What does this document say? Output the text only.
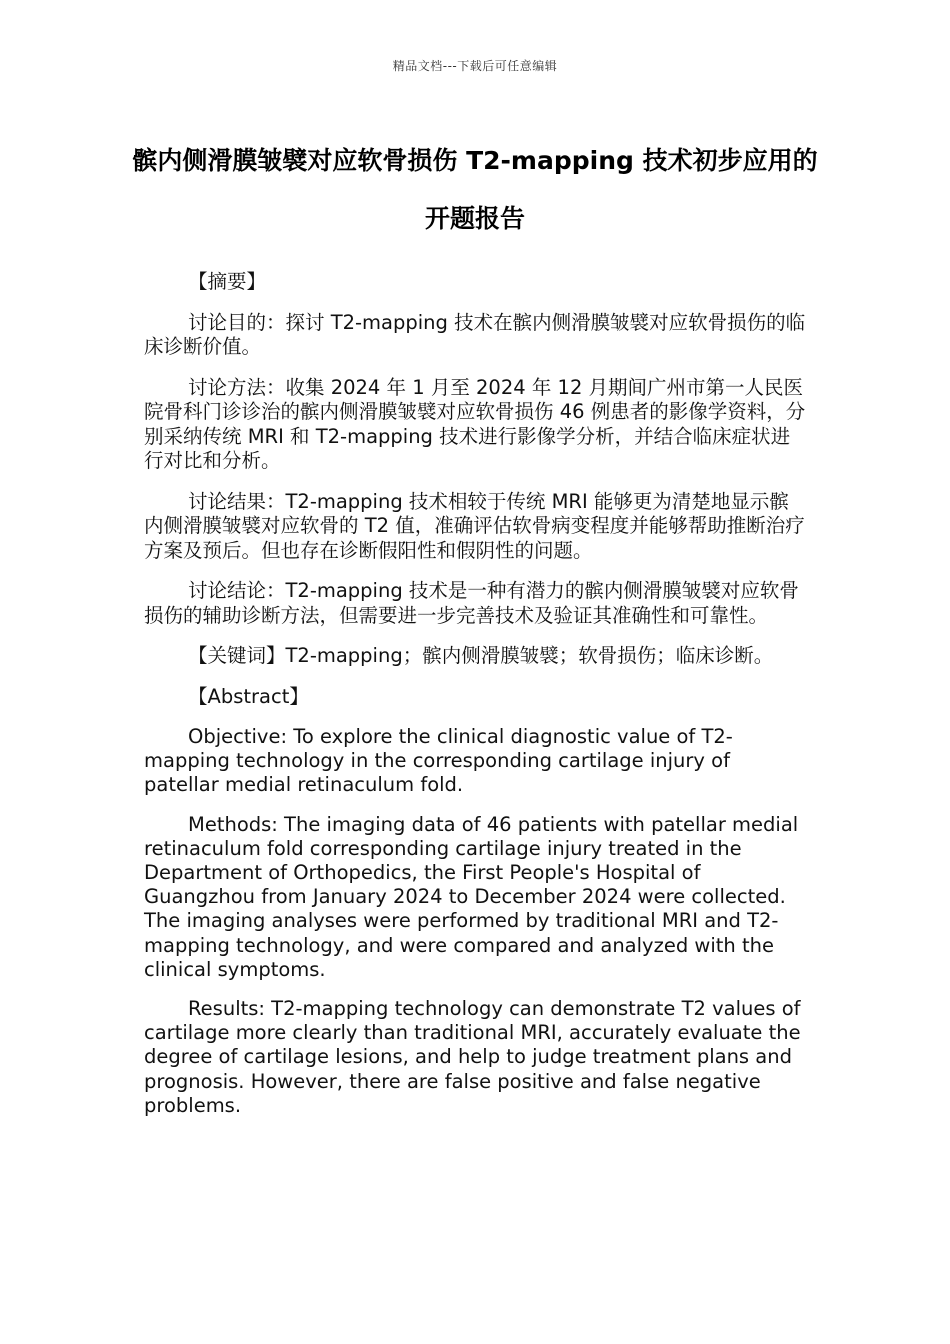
精品文档---下载后可任意编辑
髌内侧滑膜皱襞对应软骨损伤 T2-mapping 技术初步应用的开题报告
【摘要】

讨论目的：探讨 T2-mapping 技术在髌内侧滑膜皱襞对应软骨损伤的临床诊断价值。

讨论方法：收集 2024 年 1 月至 2024 年 12 月期间广州市第一人民医院骨科门诊诊治的髌内侧滑膜皱襞对应软骨损伤 46 例患者的影像学资料，分别采纳传统 MRI 和 T2-mapping 技术进行影像学分析，并结合临床症状进行对比和分析。

讨论结果：T2-mapping 技术相较于传统 MRI 能够更为清楚地显示髌内侧滑膜皱襞对应软骨的 T2 值，准确评估软骨病变程度并能够帮助推断治疗方案及预后。但也存在诊断假阳性和假阴性的问题。

讨论结论：T2-mapping 技术是一种有潜力的髌内侧滑膜皱襞对应软骨损伤的辅助诊断方法，但需要进一步完善技术及验证其准确性和可靠性。

【关键词】T2-mapping；髌内侧滑膜皱襞；软骨损伤；临床诊断。
【Abstract】

Objective: To explore the clinical diagnostic value of T2-mapping technology in the corresponding cartilage injury of patellar medial retinaculum fold.

Methods: The imaging data of 46 patients with patellar medial retinaculum fold corresponding cartilage injury treated in the Department of Orthopedics, the First People's Hospital of Guangzhou from January 2024 to December 2024 were collected. The imaging analyses were performed by traditional MRI and T2-mapping technology, and were compared and analyzed with the clinical symptoms.

Results: T2-mapping technology can demonstrate T2 values of cartilage more clearly than traditional MRI, accurately evaluate the degree of cartilage lesions, and help to judge treatment plans and prognosis. However, there are false positive and false negative problems.
